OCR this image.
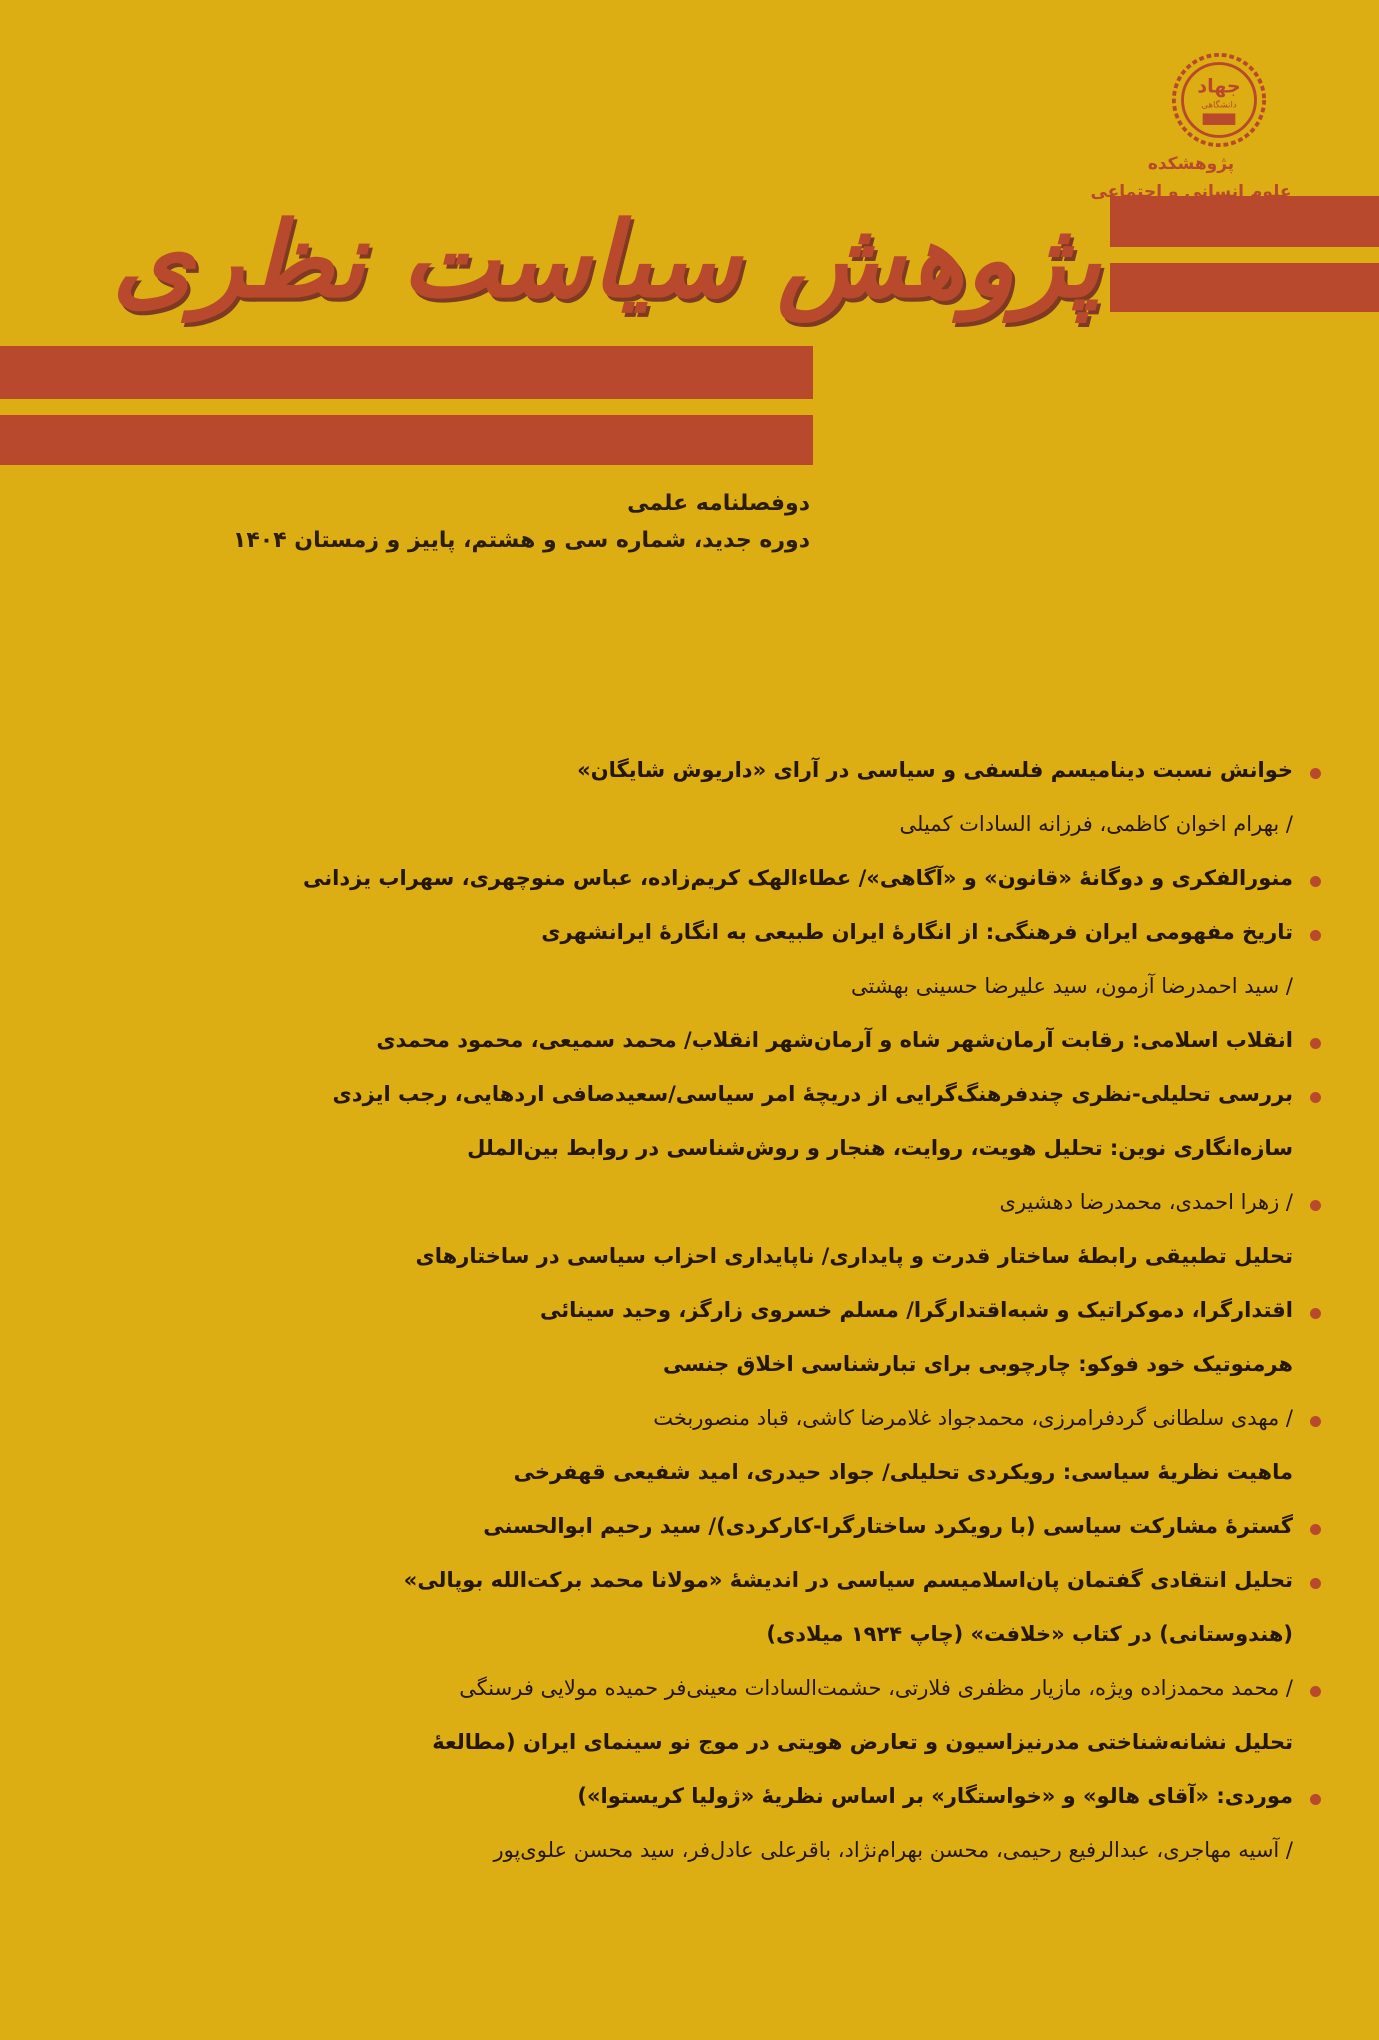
جهاد
دانشگاهی
پژوهشکده
علوم انسانی و اجتماعی
پژوهش سیاست نظری
دوفصلنامه علمی
دوره جدید، شماره سی و هشتم، پاییز و زمستان ۱۴۰۴
خوانش نسبت دینامیسم فلسفی و سیاسی در آرای «داریوش شایگان»
/ بهرام اخوان کاظمی، فرزانه السادات کمیلی
منورالفکری و دوگانهٔ «قانون» و «آگاهی»/ عطاءالهک کریم‌زاده، عباس منوچهری، سهراب یزدانی
تاریخ مفهومی ایران فرهنگی: از انگارهٔ ایران طبیعی به انگارهٔ ایرانشهری
/ سید احمدرضا آزمون، سید علیرضا حسینی بهشتی
انقلاب اسلامی: رقابت آرمان‌شهر شاه و آرمان‌شهر انقلاب/ محمد سمیعی، محمود محمدی
بررسی تحلیلی-نظری چندفرهنگ‌گرایی از دریچهٔ امر سیاسی/سعیدصافی اردهایی، رجب ایزدی
سازه‌انگاری نوین: تحلیل هویت، روایت، هنجار و روش‌شناسی در روابط بین‌الملل
/ زهرا احمدی، محمدرضا دهشیری
تحلیل تطبیقی رابطهٔ ساختار قدرت و پایداری/ ناپایداری احزاب سیاسی در ساختارهای
اقتدارگرا، دموکراتیک و شبه‌اقتدارگرا/ مسلم خسروی زارگز، وحید سینائی
هرمنوتیک خود فوکو: چارچوبی برای تبارشناسی اخلاق جنسی
/ مهدی سلطانی گردفرامرزی، محمدجواد غلامرضا کاشی، قباد منصوربخت
ماهیت نظریهٔ سیاسی: رویکردی تحلیلی/ جواد حیدری، امید شفیعی قهفرخی
گسترهٔ مشارکت سیاسی (با رویکرد ساختارگرا-کارکردی)/ سید رحیم ابوالحسنی
تحلیل انتقادی گفتمان پان‌اسلامیسم سیاسی در اندیشهٔ «مولانا محمد برکت‌الله بوپالی»
(هندوستانی) در کتاب «خلافت» (چاپ ۱۹۲۴ میلادی)
/ محمد محمدزاده ویژه، مازیار مظفری فلارتی، حشمت‌السادات معینی‌فر حمیده مولایی فرسنگی
تحلیل نشانه‌شناختی مدرنیزاسیون و تعارض هویتی در موج نو سینمای ایران (مطالعهٔ
موردی: «آقای هالو» و «خواستگار» بر اساس نظریهٔ «ژولیا کریستوا»)
/ آسیه مهاجری، عبدالرفیع رحیمی، محسن بهرام‌نژاد، باقرعلی عادل‌فر، سید محسن علوی‌پور
